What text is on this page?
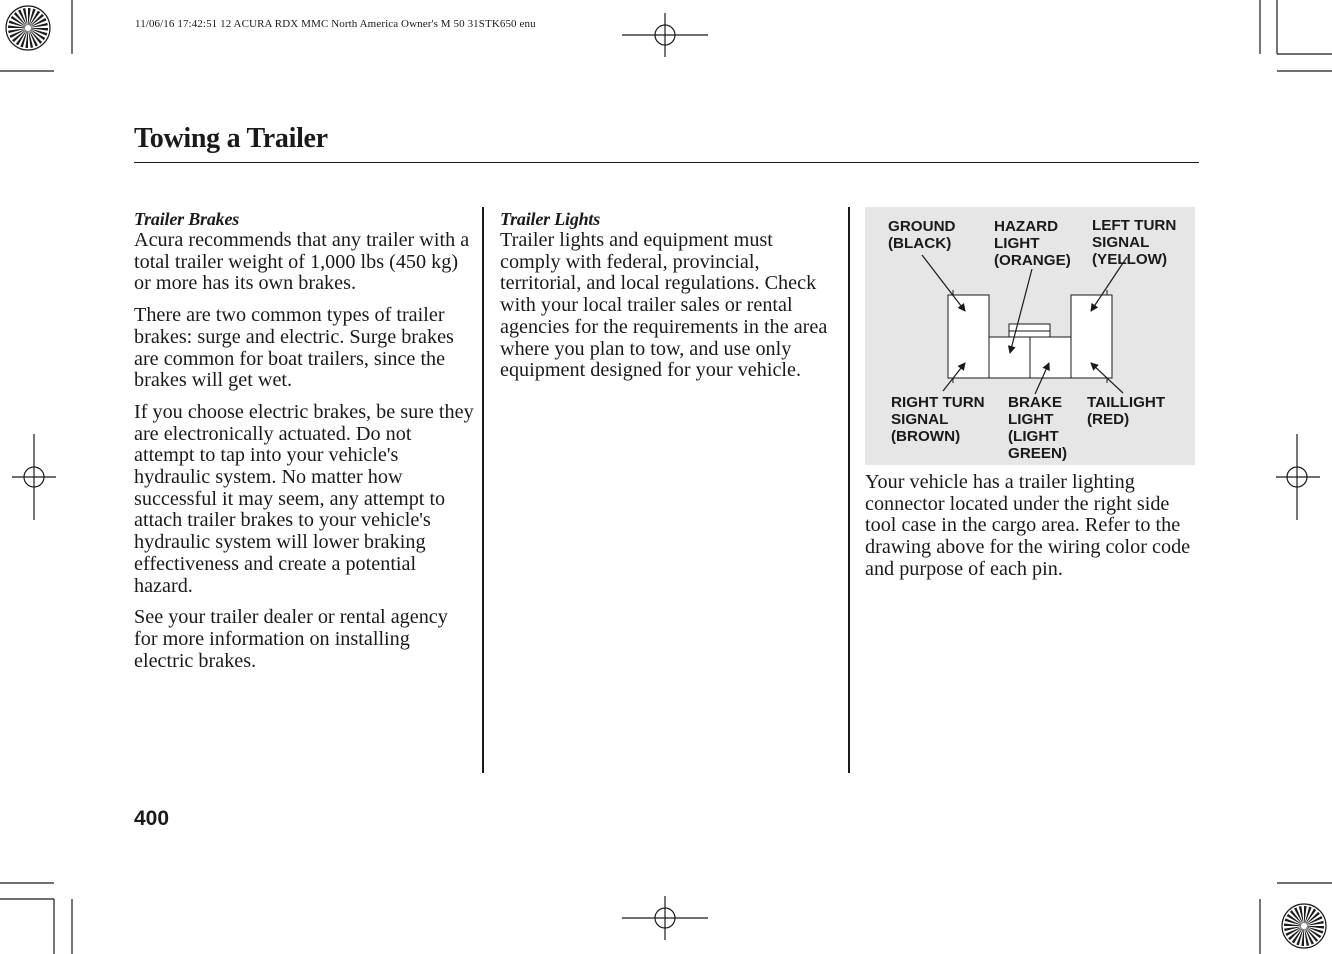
11/06/16 17:42:51 12 ACURA RDX MMC North America Owner's M 50 31STK650 enu
Towing a Trailer
Trailer Brakes

Acura recommends that any trailer with a total trailer weight of 1,000 lbs (450 kg) or more has its own brakes.

There are two common types of trailer brakes: surge and electric. Surge brakes are common for boat trailers, since the brakes will get wet.

If you choose electric brakes, be sure they are electronically actuated. Do not attempt to tap into your vehicle's hydraulic system. No matter how successful it may seem, any attempt to attach trailer brakes to your vehicle's hydraulic system will lower braking effectiveness and create a potential hazard.

See your trailer dealer or rental agency for more information on installing electric brakes.

Trailer Lights

Trailer lights and equipment must comply with federal, provincial, territorial, and local regulations. Check with your local trailer sales or rental agencies for the requirements in the area where you plan to tow, and use only equipment designed for your vehicle.

GROUND
(BLACK)
HAZARD
LIGHT
(ORANGE)
LEFT TURN
SIGNAL
(YELLOW)
RIGHT TURN
SIGNAL
(BROWN)
BRAKE
LIGHT
(LIGHT
GREEN)
TAILLIGHT
(RED)

Your vehicle has a trailer lighting connector located under the right side tool case in the cargo area. Refer to the drawing above for the wiring color code and purpose of each pin.

400
